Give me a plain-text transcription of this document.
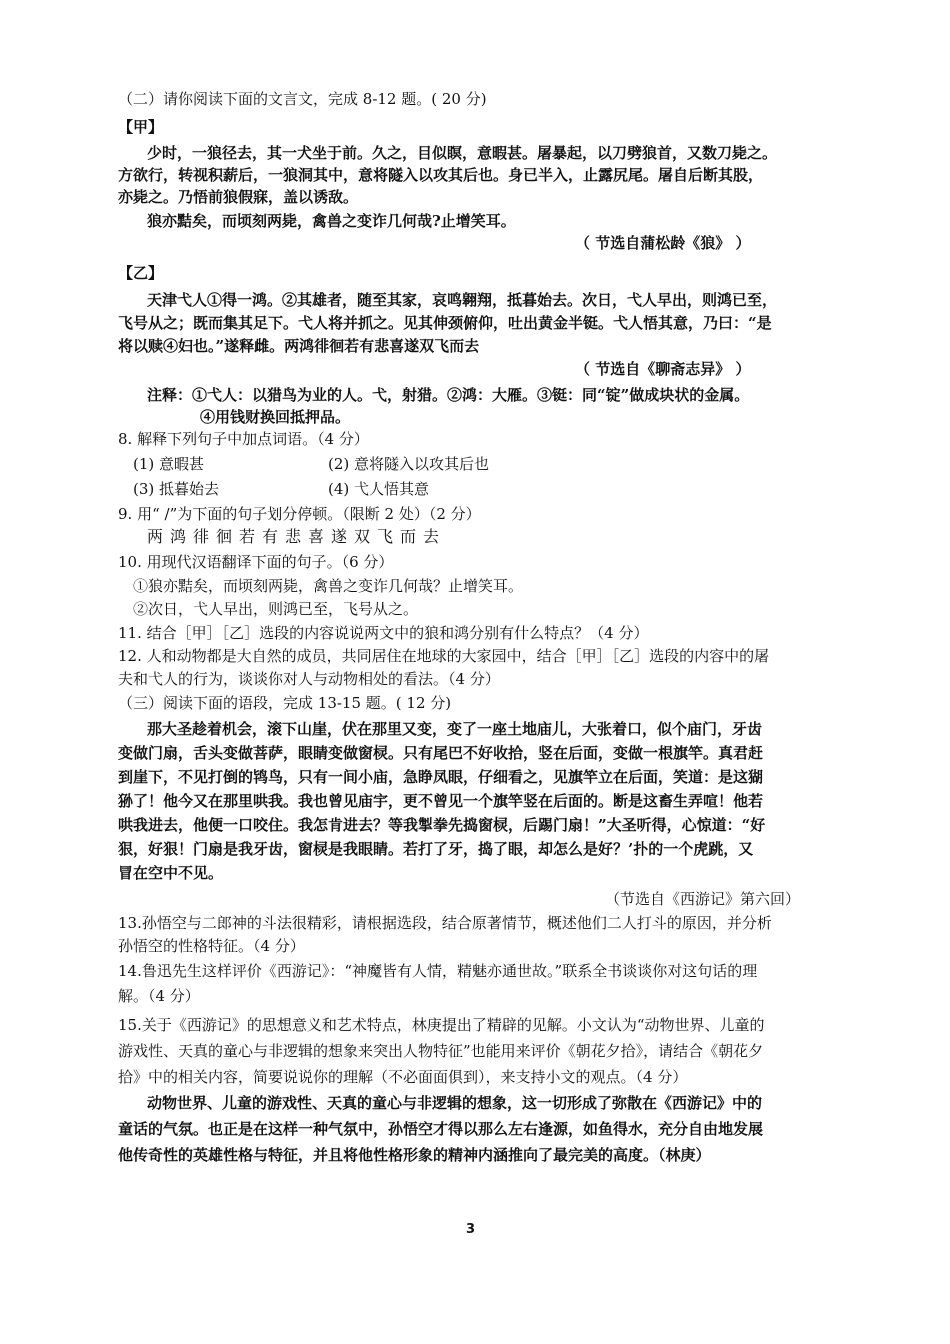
（二）请你阅读下面的文言文，完成 8-12 题。( 20 分)
【甲】
少时，一狼径去，其一犬坐于前。久之，目似瞑，意暇甚。屠暴起，以刀劈狼首，又数刀毙之。
方欲行，转视积薪后，一狼洞其中，意将隧入以攻其后也。身已半入，止露尻尾。屠自后断其股，
亦毙之。乃悟前狼假寐，盖以诱敌。
狼亦黠矣，而顷刻两毙，禽兽之变诈几何哉?止增笑耳。
（ 节选自蒲松龄《狼》 ）
【乙】
天津弋人①得一鸿。②其雄者，随至其家，哀鸣翱翔，抵暮始去。次日，弋人早出，则鸿已至，
飞号从之；既而集其足下。弋人将并抓之。见其伸颈俯仰，吐出黄金半铤。弋人悟其意，乃曰：“是
将以赎④妇也。”遂释雌。两鸿徘徊若有悲喜遂双飞而去
（ 节选自《聊斋志异》 ）
注释：①弋人：以猎鸟为业的人。弋，射猎。②鸿：大雁。③铤：同“锭”做成块状的金属。
④用钱财换回抵押品。
8. 解释下列句子中加点词语。（4 分）
(1) 意暇甚	(2) 意将隧入以攻其后也
(3) 抵暮始去	(4) 弋人悟其意
9. 用“ /”为下面的句子划分停顿。（限断 2 处）（2 分）
两鸿徘徊若有悲喜遂双飞而去
10. 用现代汉语翻译下面的句子。（6 分）
①狼亦黠矣，而顷刻两毙，禽兽之变诈几何哉？止增笑耳。
②次日，弋人早出，则鸿已至，飞号从之。
11. 结合［甲］［乙］选段的内容说说两文中的狼和鸿分别有什么特点？（4 分）
12. 人和动物都是大自然的成员，共同居住在地球的大家园中，结合［甲］［乙］选段的内容中的屠
夫和弋人的行为，谈谈你对人与动物相处的看法。（4 分）
（三）阅读下面的语段，完成 13-15 题。( 12 分)
那大圣趁着机会，滚下山崖，伏在那里又变，变了一座土地庙儿，大张着口，似个庙门，牙齿
变做门扇，舌头变做菩萨，眼睛变做窗棂。只有尾巴不好收拾，竖在后面，变做一根旗竿。真君赶
到崖下，不见打倒的鸨鸟，只有一间小庙，急睁凤眼，仔细看之，见旗竿立在后面，笑道：是这猢
狲了！他今又在那里哄我。我也曾见庙宇，更不曾见一个旗竿竖在后面的。断是这畜生弄喧！他若
哄我进去，他便一口咬住。我怎肯进去？等我掣拳先捣窗棂，后踢门扇！”大圣听得，心惊道：“好
狠，好狠！门扇是我牙齿，窗棂是我眼睛。若打了牙，捣了眼，却怎么是好？’扑的一个虎跳，又
冒在空中不见。
（节选自《西游记》第六回）
13.孙悟空与二郎神的斗法很精彩，请根据选段，结合原著情节，概述他们二人打斗的原因，并分析
孙悟空的性格特征。（4 分）
14.鲁迅先生这样评价《西游记》：“神魔皆有人情，精魅亦通世故。”联系全书谈谈你对这句话的理
解。（4 分）
15.关于《西游记》的思想意义和艺术特点，林庚提出了精辟的见解。小文认为“动物世界、儿童的
游戏性、天真的童心与非逻辑的想象来突出人物特征”也能用来评价《朝花夕拾》，请结合《朝花夕
拾》中的相关内容，简要说说你的理解（不必面面俱到），来支持小文的观点。（4 分）
动物世界、儿童的游戏性、天真的童心与非逻辑的想象，这一切形成了弥散在《西游记》中的
童话的气氛。也正是在这样一种气氛中，孙悟空才得以那么左右逢源，如鱼得水，充分自由地发展
他传奇性的英雄性格与特征，并且将他性格形象的精神内涵推向了最完美的高度。（林庚）
3
